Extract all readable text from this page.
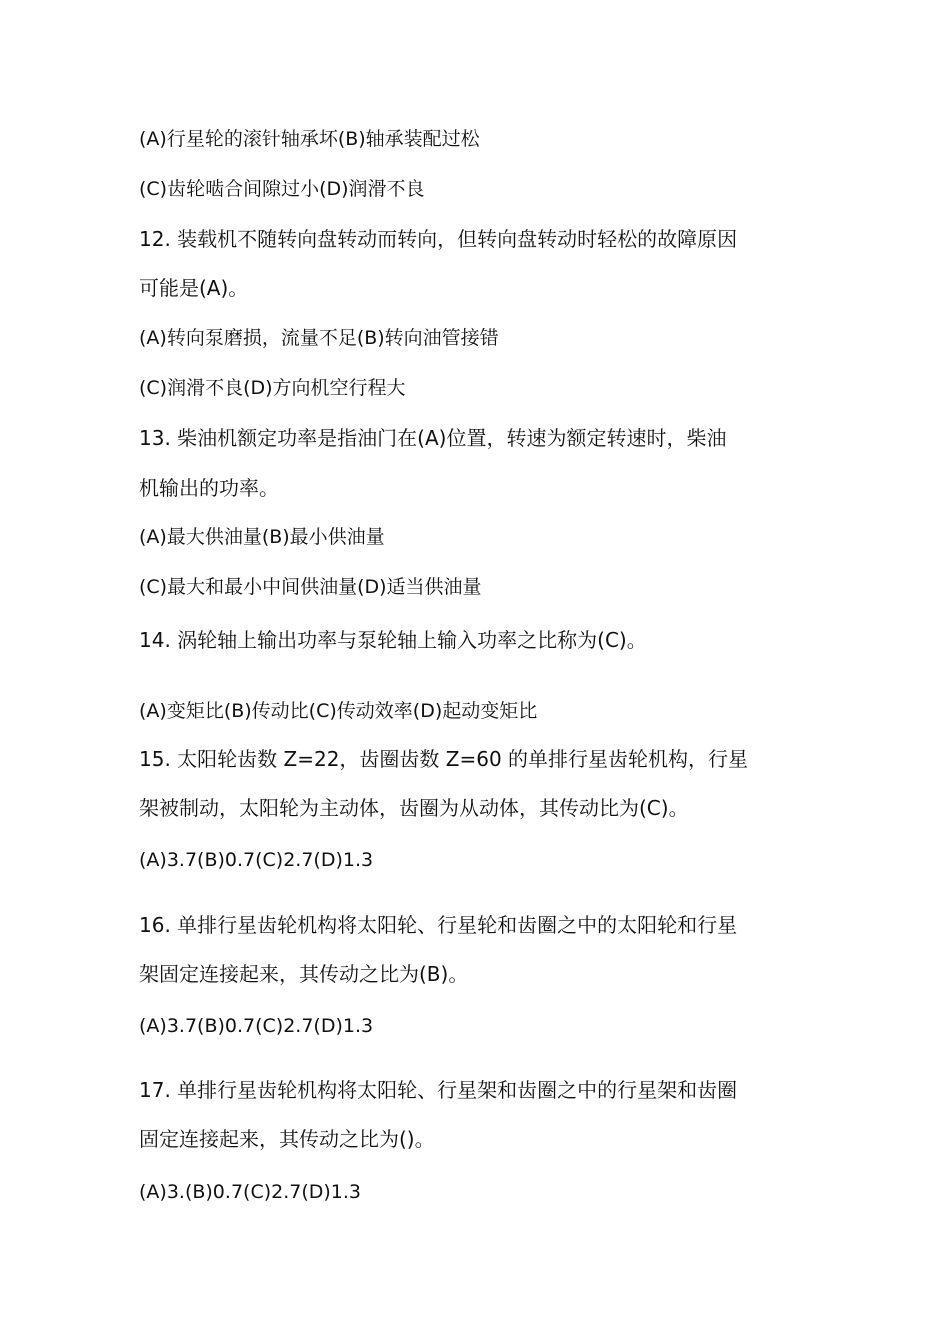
(A)行星轮的滚针轴承坏(B)轴承装配过松
(C)齿轮啮合间隙过小(D)润滑不良
12. 装载机不随转向盘转动而转向，但转向盘转动时轻松的故障原因
可能是(A)。
(A)转向泵磨损，流量不足(B)转向油管接错
(C)润滑不良(D)方向机空行程大
13. 柴油机额定功率是指油门在(A)位置，转速为额定转速时，柴油
机输出的功率。
(A)最大供油量(B)最小供油量
(C)最大和最小中间供油量(D)适当供油量
14. 涡轮轴上输出功率与泵轮轴上输入功率之比称为(C)。
(A)变矩比(B)传动比(C)传动效率(D)起动变矩比
15. 太阳轮齿数 Z=22，齿圈齿数 Z=60 的单排行星齿轮机构，行星
架被制动，太阳轮为主动体，齿圈为从动体，其传动比为(C)。
(A)3.7(B)0.7(C)2.7(D)1.3
16. 单排行星齿轮机构将太阳轮、行星轮和齿圈之中的太阳轮和行星
架固定连接起来，其传动之比为(B)。
(A)3.7(B)0.7(C)2.7(D)1.3
17. 单排行星齿轮机构将太阳轮、行星架和齿圈之中的行星架和齿圈
固定连接起来，其传动之比为()。
(A)3.(B)0.7(C)2.7(D)1.3
